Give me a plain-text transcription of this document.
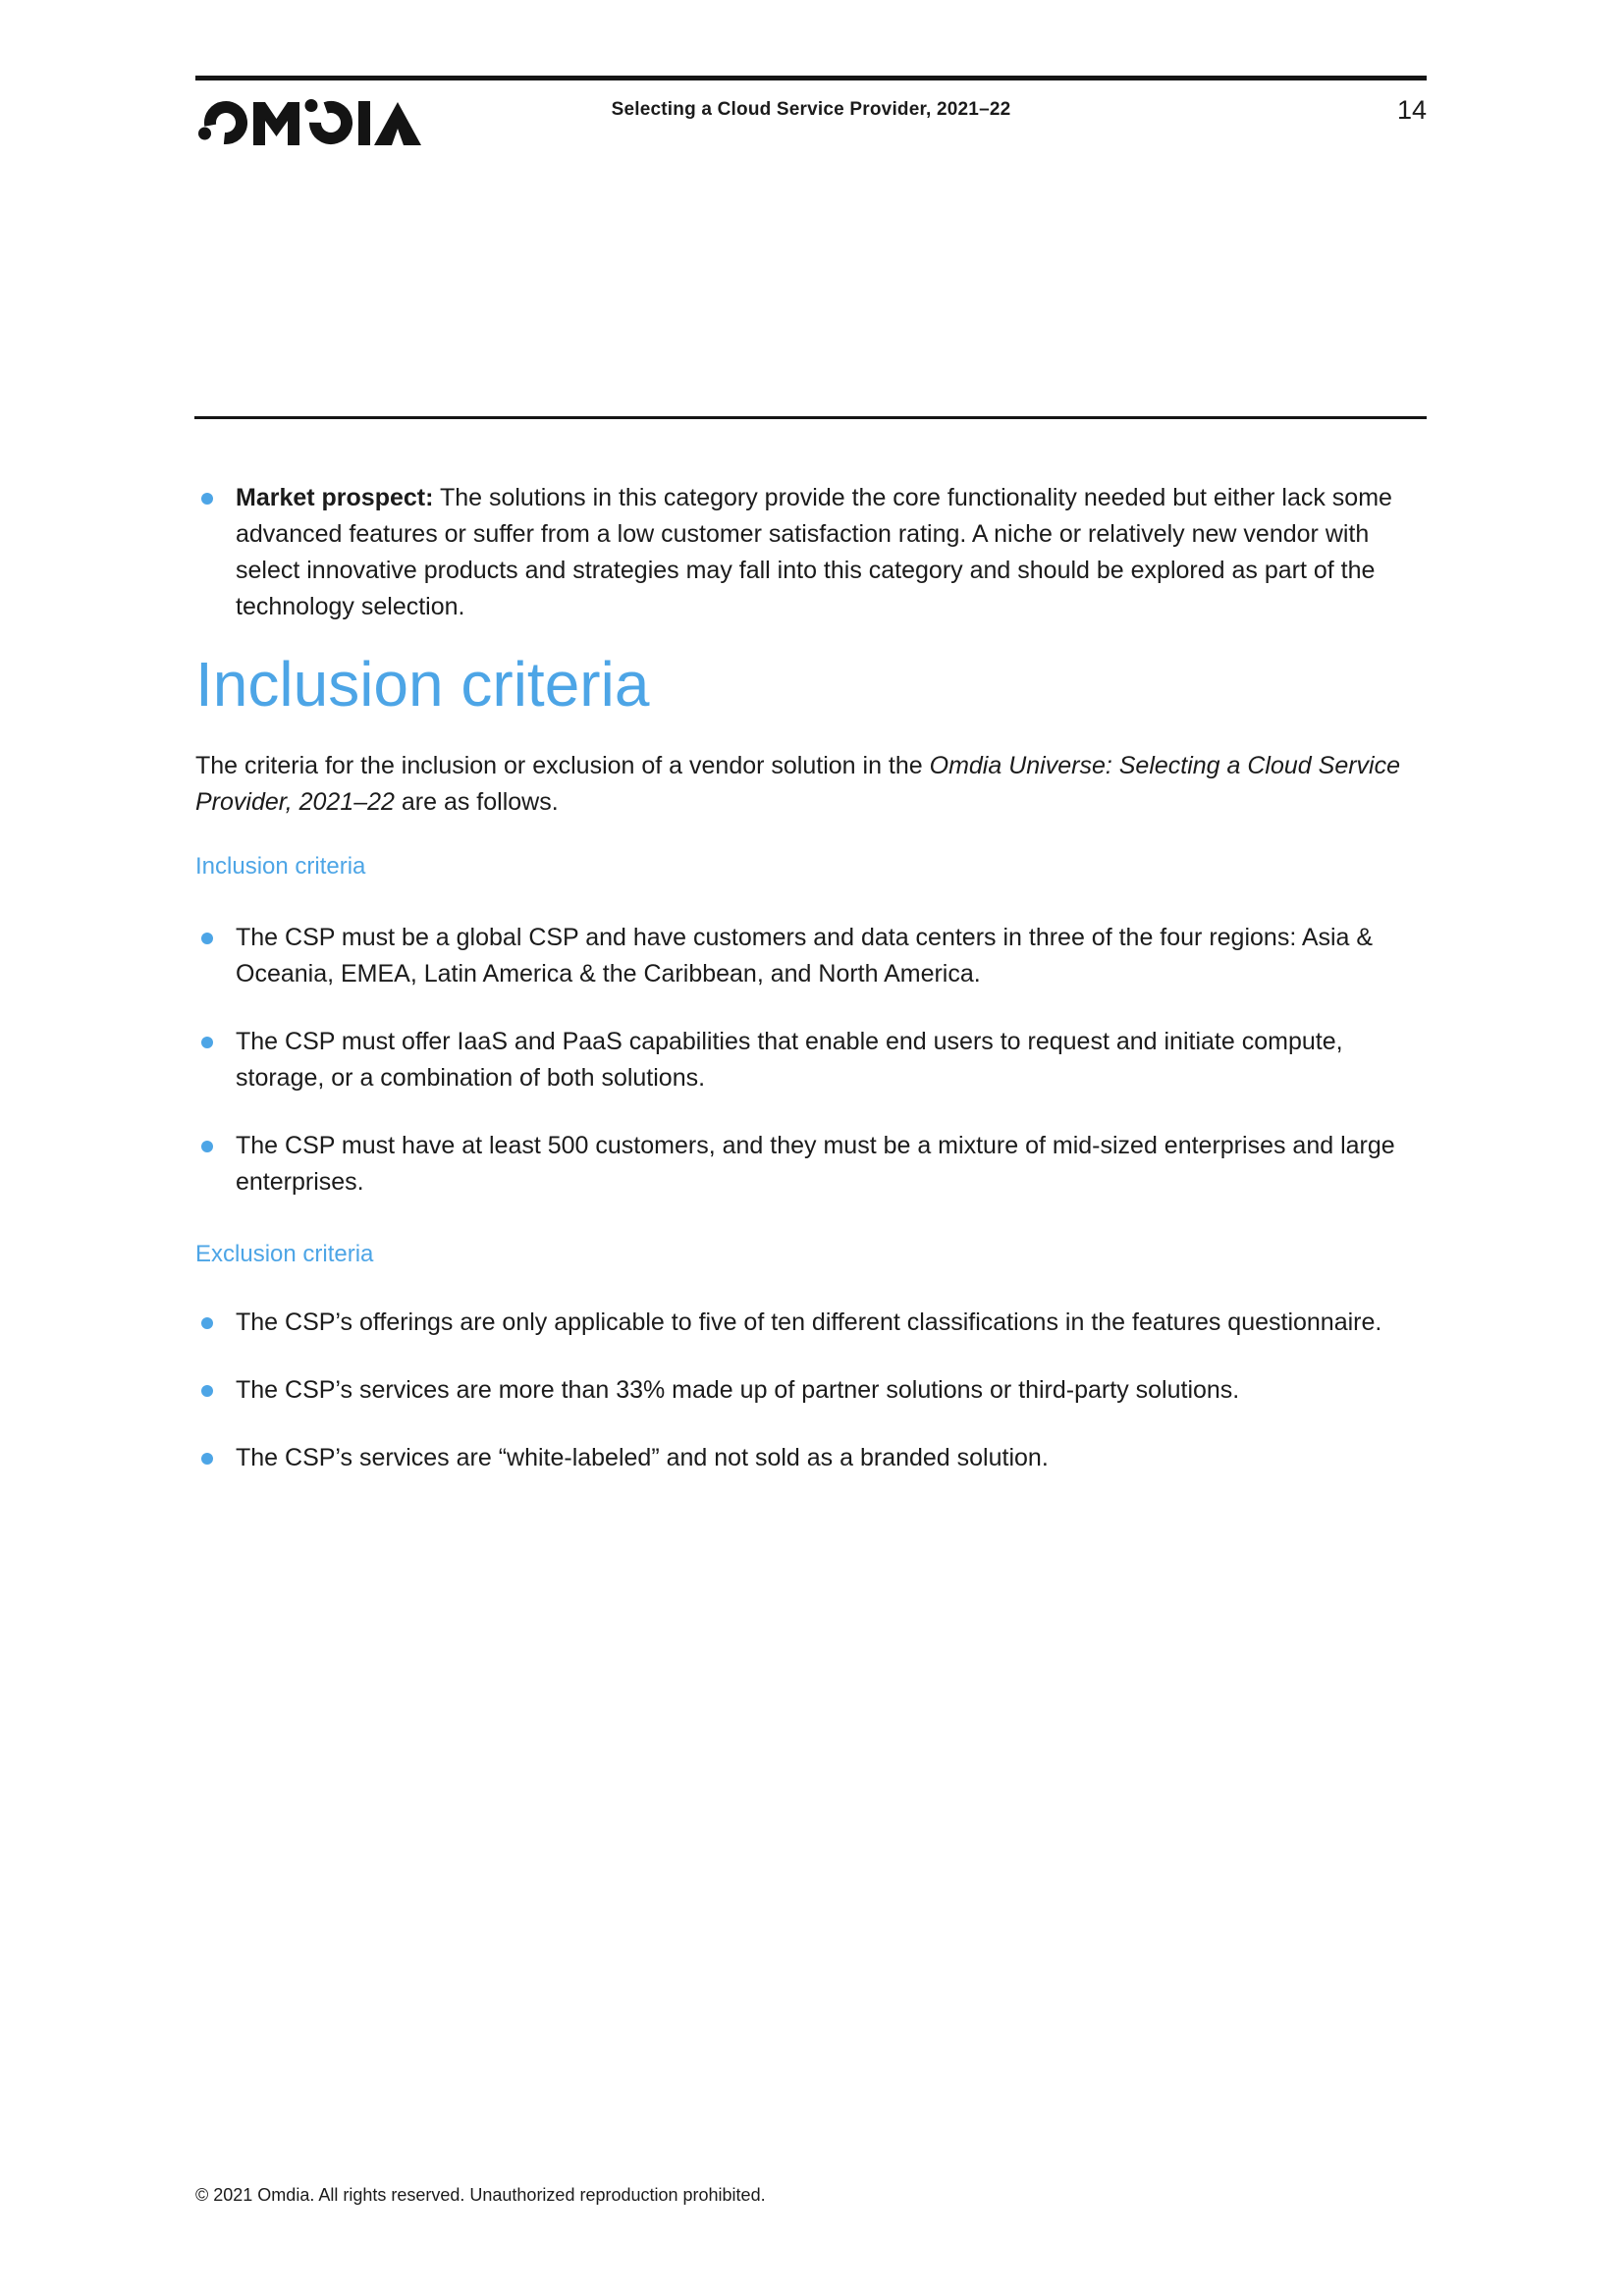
Selecting a Cloud Service Provider, 2021–22	14
Market prospect: The solutions in this category provide the core functionality needed but either lack some advanced features or suffer from a low customer satisfaction rating. A niche or relatively new vendor with select innovative products and strategies may fall into this category and should be explored as part of the technology selection.
Inclusion criteria

The criteria for the inclusion or exclusion of a vendor solution in the Omdia Universe: Selecting a Cloud Service Provider, 2021–22 are as follows.

Inclusion criteria
The CSP must be a global CSP and have customers and data centers in three of the four regions: Asia & Oceania, EMEA, Latin America & the Caribbean, and North America.
The CSP must offer IaaS and PaaS capabilities that enable end users to request and initiate compute, storage, or a combination of both solutions.
The CSP must have at least 500 customers, and they must be a mixture of mid-sized enterprises and large enterprises.
Exclusion criteria
The CSP’s offerings are only applicable to five of ten different classifications in the features questionnaire.
The CSP’s services are more than 33% made up of partner solutions or third-party solutions.
The CSP’s services are “white-labeled” and not sold as a branded solution.
© 2021 Omdia. All rights reserved. Unauthorized reproduction prohibited.
